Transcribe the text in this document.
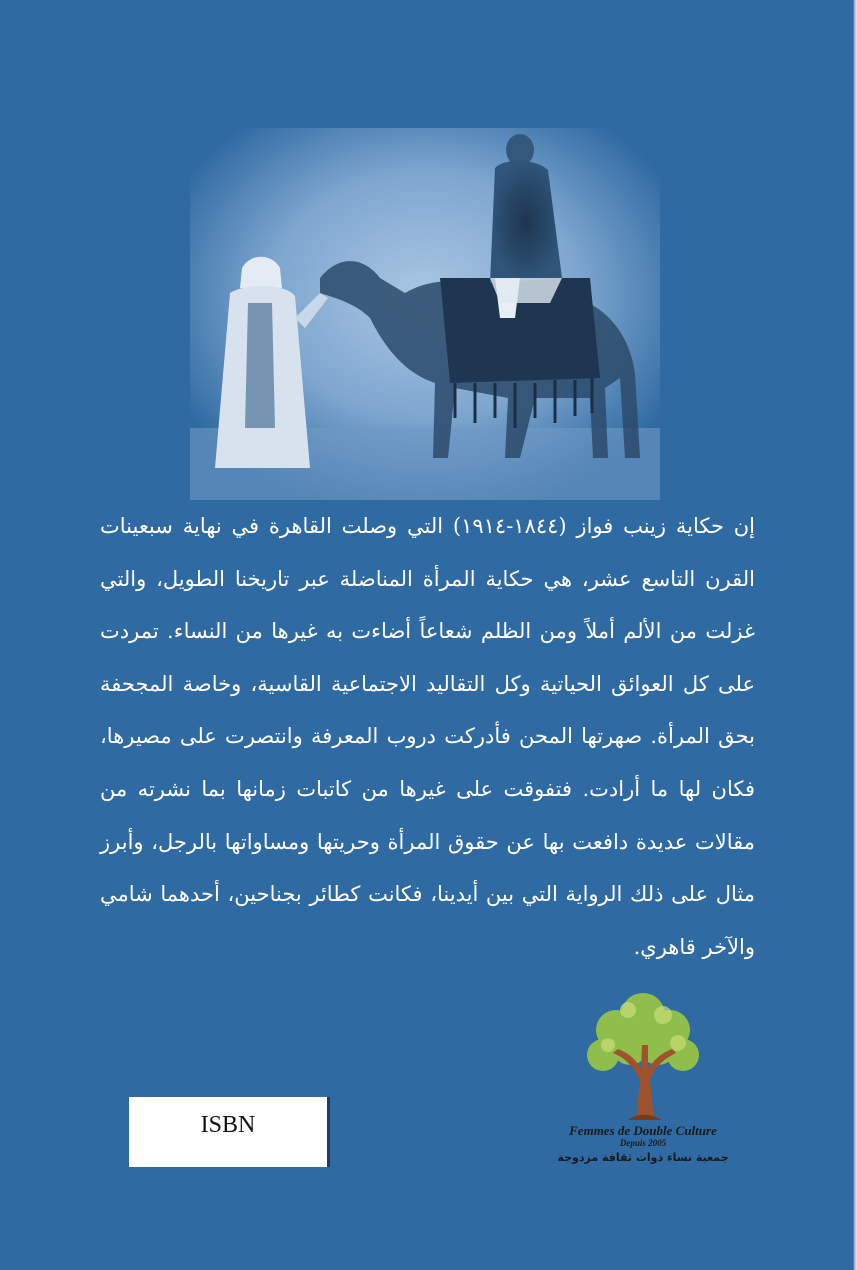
إن حكاية زينب فواز (١٨٤٤-١٩١٤) التي وصلت القاهرة في نهاية سبعينات القرن التاسع عشر، هي حكاية المرأة المناضلة عبر تاريخنا الطويل، والتي غزلت من الألم أملاً ومن الظلم شعاعاً أضاءت به غيرها من النساء. تمردت على كل العوائق الحياتية وكل التقاليد الاجتماعية القاسية، وخاصة المجحفة بحق المرأة. صهرتها المحن فأدركت دروب المعرفة وانتصرت على مصيرها، فكان لها ما أرادت. فتفوقت على غيرها من كاتبات زمانها بما نشرته من مقالات عديدة دافعت بها عن حقوق المرأة وحريتها ومساواتها بالرجل، وأبرز مثال على ذلك الرواية التي بين أيدينا، فكانت كطائر بجناحين، أحدهما شامي والآخر قاهري.

ISBN	Femmes de Double Culture
Depuis 2005
جمعية نساء ذوات ثقافة مزدوجة
